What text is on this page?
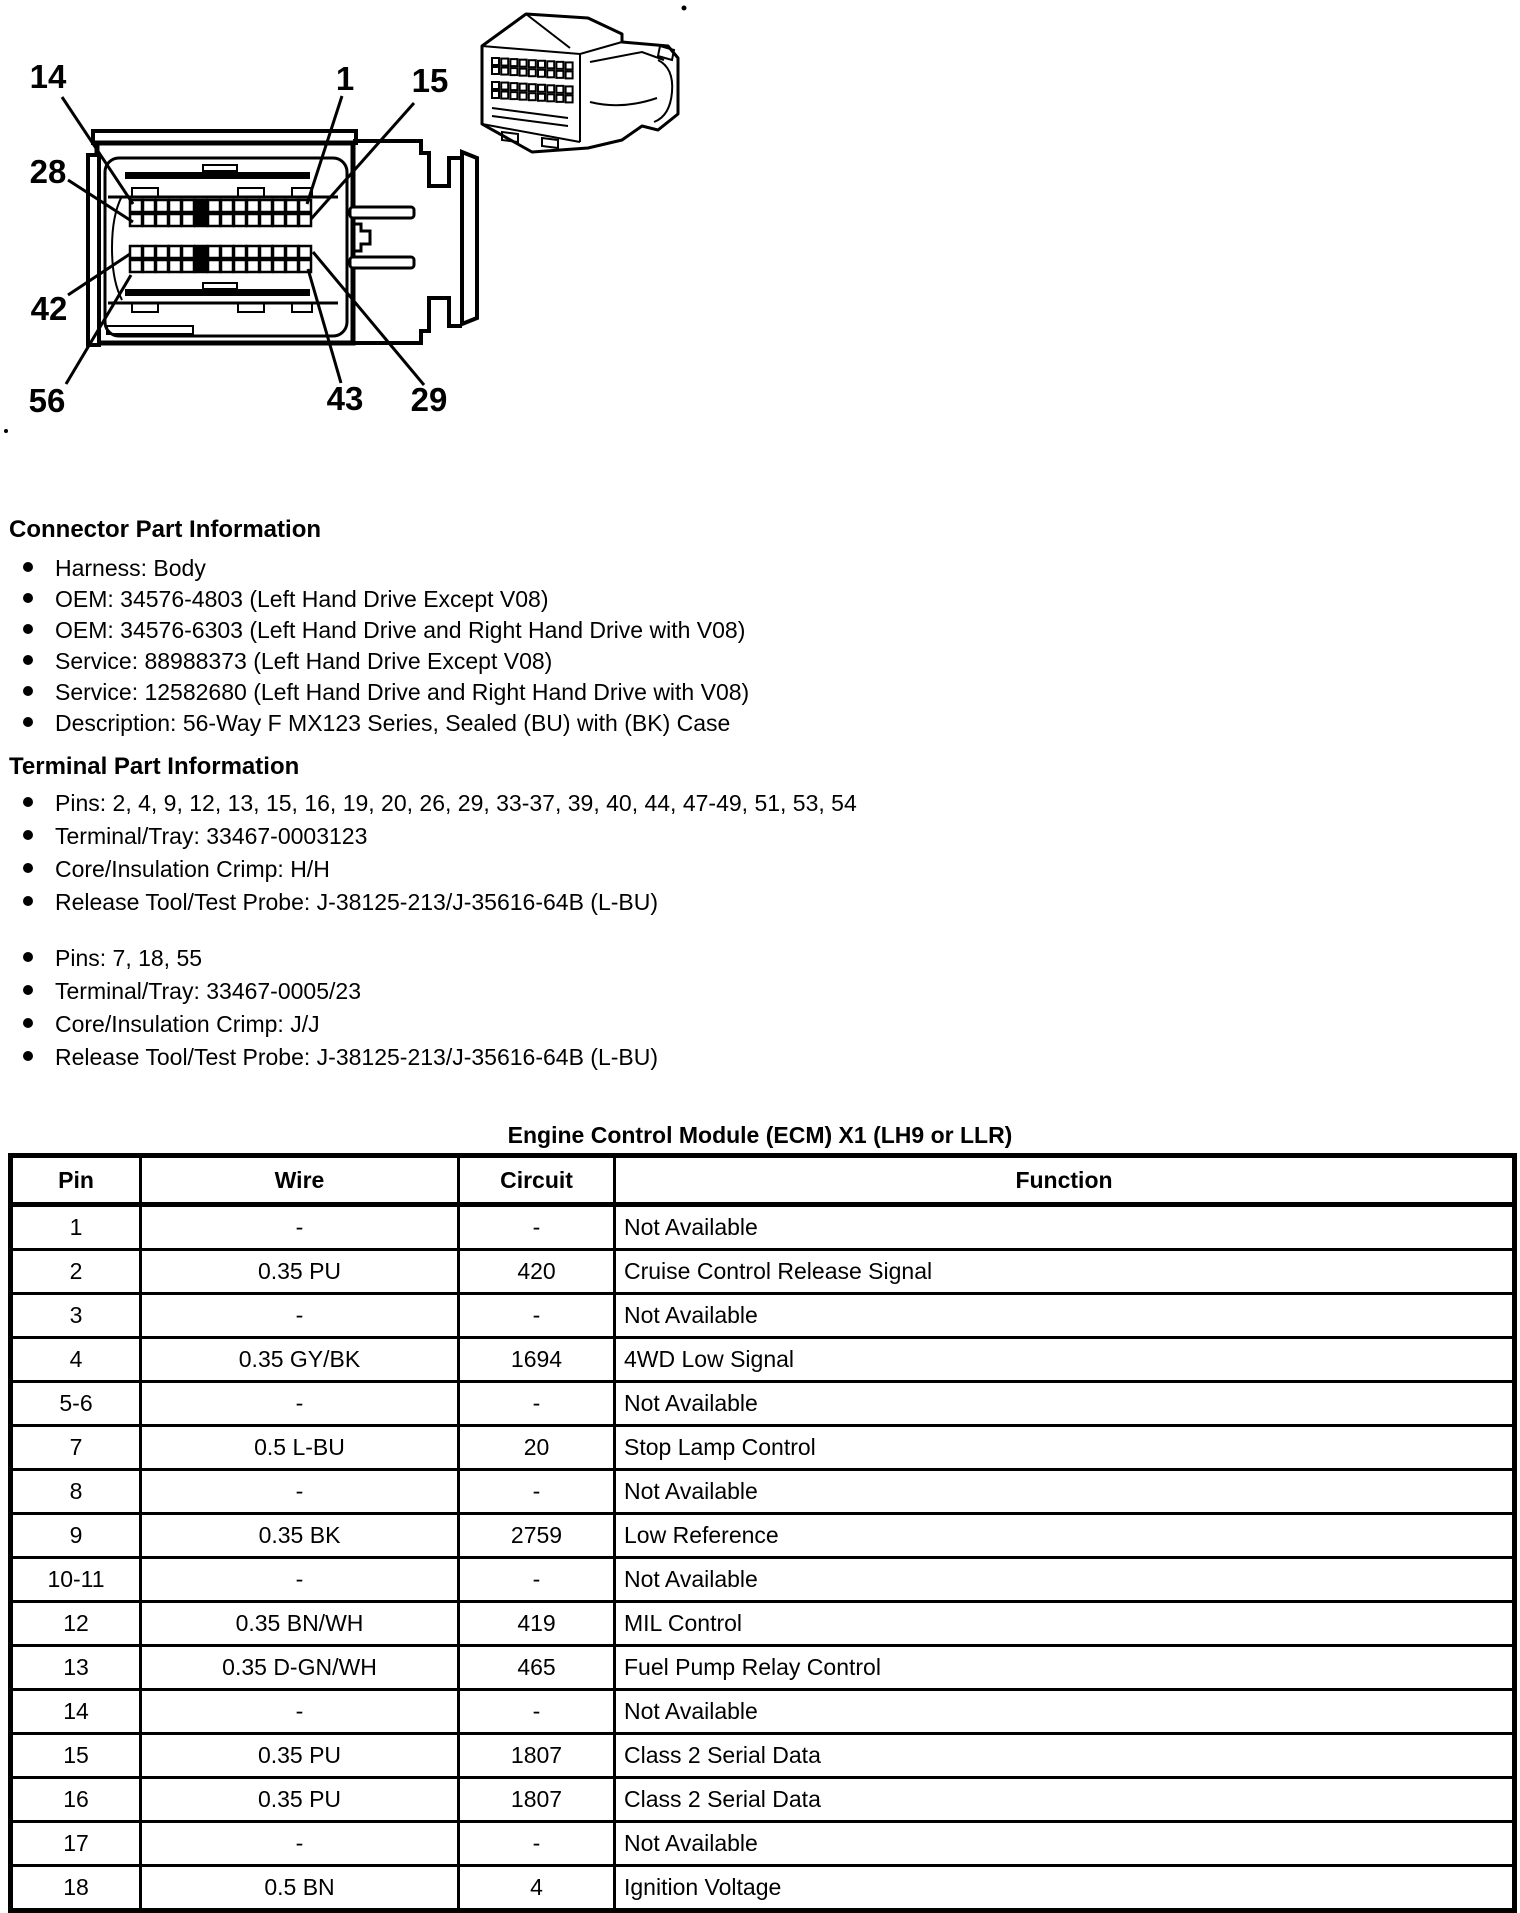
14	1 15
28
42
56	43 29
Connector Part Information
Harness: Body
OEM: 34576-4803 (Left Hand Drive Except V08)
OEM: 34576-6303 (Left Hand Drive and Right Hand Drive with V08)
Service: 88988373 (Left Hand Drive Except V08)
Service: 12582680 (Left Hand Drive and Right Hand Drive with V08)
Description: 56-Way F MX123 Series, Sealed (BU) with (BK) Case
Terminal Part Information
Pins: 2, 4, 9, 12, 13, 15, 16, 19, 20, 26, 29, 33-37, 39, 40, 44, 47-49, 51, 53, 54
Terminal/Tray: 33467-0003123
Core/Insulation Crimp: H/H
Release Tool/Test Probe: J-38125-213/J-35616-64B (L-BU)
Pins: 7, 18, 55
Terminal/Tray: 33467-0005/23
Core/Insulation Crimp: J/J
Release Tool/Test Probe: J-38125-213/J-35616-64B (L-BU)
Engine Control Module (ECM) X1 (LH9 or LLR)
Pin	Wire	Circuit	Function
1	-	-	Not Available
2	0.35 PU	420	Cruise Control Release Signal
3	-	-	Not Available
4	0.35 GY/BK	1694	4WD Low Signal
5-6	-	-	Not Available
7	0.5 L-BU	20	Stop Lamp Control
8	-	-	Not Available
9	0.35 BK	2759	Low Reference
10-11	-	-	Not Available
12	0.35 BN/WH	419	MIL Control
13	0.35 D-GN/WH	465	Fuel Pump Relay Control
14	-	-	Not Available
15	0.35 PU	1807	Class 2 Serial Data
16	0.35 PU	1807	Class 2 Serial Data
17	-	-	Not Available
18	0.5 BN	4	Ignition Voltage
